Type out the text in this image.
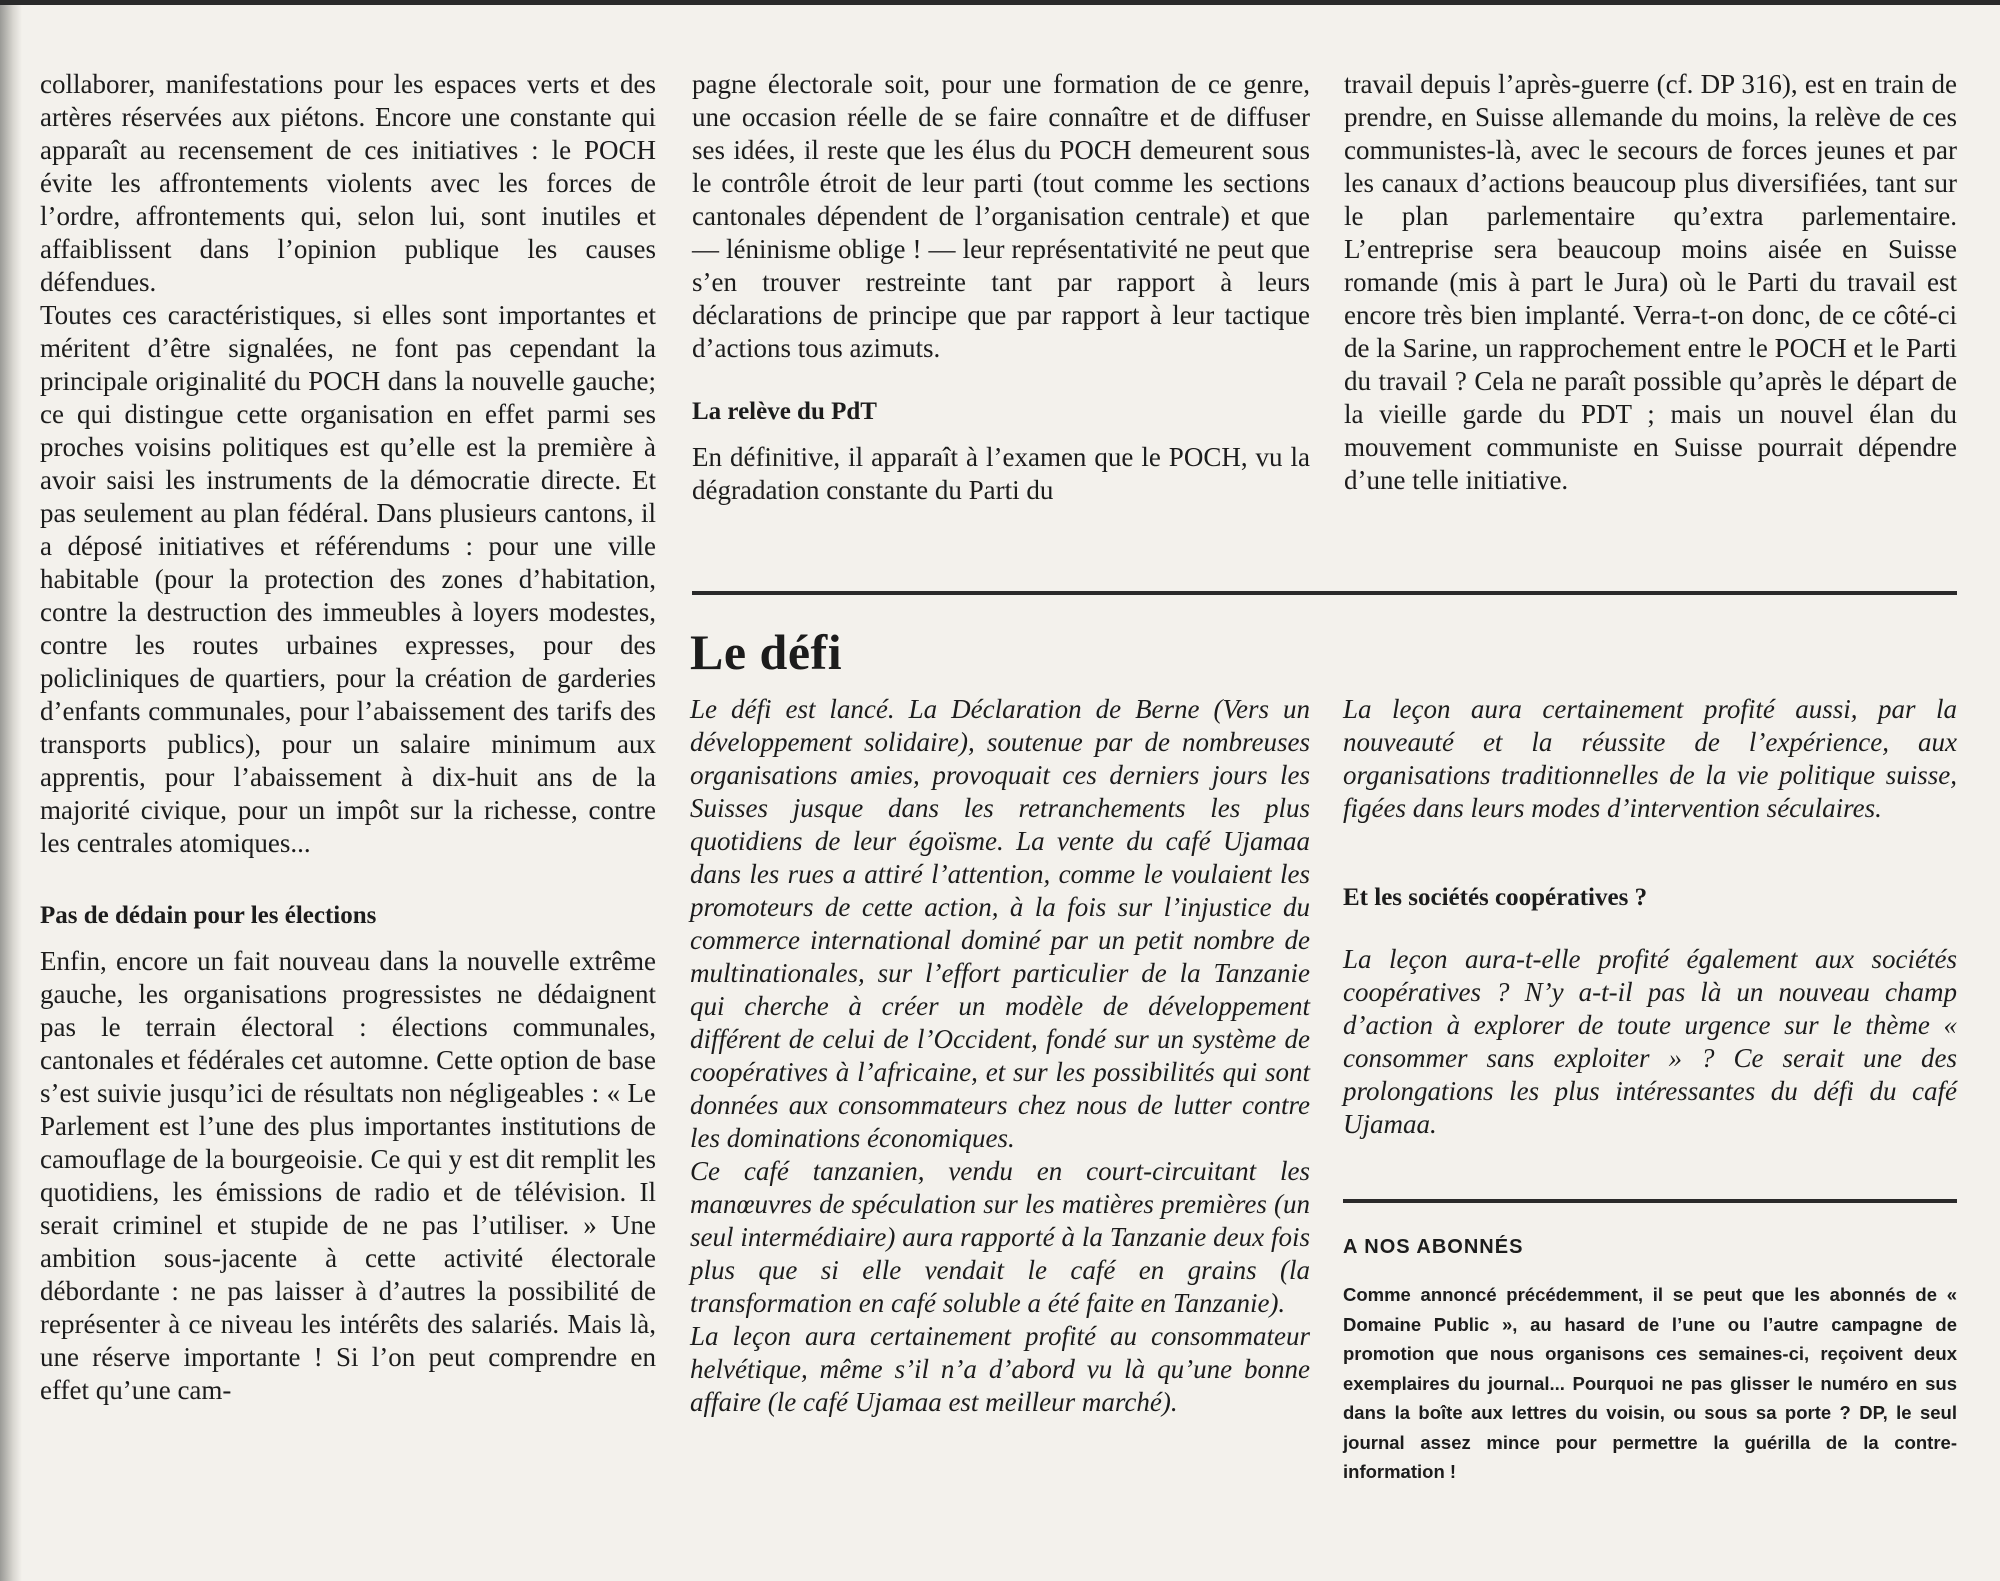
collaborer, manifestations pour les espaces verts et des artères réservées aux piétons. Encore une constante qui apparaît au recensement de ces initiatives : le POCH évite les affrontements violents avec les forces de l’ordre, affrontements qui, selon lui, sont inutiles et affaiblissent dans l’opinion publique les causes défendues.

Toutes ces caractéristiques, si elles sont importantes et méritent d’être signalées, ne font pas cependant la principale originalité du POCH dans la nouvelle gauche; ce qui distingue cette organisation en effet parmi ses proches voisins politiques est qu’elle est la première à avoir saisi les instruments de la démocratie directe. Et pas seulement au plan fédéral. Dans plusieurs cantons, il a déposé initiatives et référendums : pour une ville habitable (pour la protection des zones d’habitation, contre la destruction des immeubles à loyers modestes, contre les routes urbaines expresses, pour des policliniques de quartiers, pour la création de garderies d’enfants communales, pour l’abaissement des tarifs des transports publics), pour un salaire minimum aux apprentis, pour l’abaissement à dix-huit ans de la majorité civique, pour un impôt sur la richesse, contre les centrales atomiques...

Pas de dédain pour les élections

Enfin, encore un fait nouveau dans la nouvelle extrême gauche, les organisations progressistes ne dédaignent pas le terrain électoral : élections communales, cantonales et fédérales cet automne. Cette option de base s’est suivie jusqu’ici de résultats non négligeables : « Le Parlement est l’une des plus importantes institutions de camouflage de la bourgeoisie. Ce qui y est dit remplit les quotidiens, les émissions de radio et de télévision. Il serait criminel et stupide de ne pas l’utiliser. » Une ambition sous-jacente à cette activité électorale débordante : ne pas laisser à d’autres la possibilité de représenter à ce niveau les intérêts des salariés. Mais là, une réserve importante ! Si l’on peut comprendre en effet qu’une cam-

pagne électorale soit, pour une formation de ce genre, une occasion réelle de se faire connaître et de diffuser ses idées, il reste que les élus du POCH demeurent sous le contrôle étroit de leur parti (tout comme les sections cantonales dépendent de l’organisation centrale) et que — léninisme oblige ! — leur représentativité ne peut que s’en trouver restreinte tant par rapport à leurs déclarations de principe que par rapport à leur tactique d’actions tous azimuts.

La relève du PdT

En définitive, il apparaît à l’examen que le POCH, vu la dégradation constante du Parti du

travail depuis l’après-guerre (cf. DP 316), est en train de prendre, en Suisse allemande du moins, la relève de ces communistes-là, avec le secours de forces jeunes et par les canaux d’actions beaucoup plus diversifiées, tant sur le plan parlementaire qu’extra parlementaire. L’entreprise sera beaucoup moins aisée en Suisse romande (mis à part le Jura) où le Parti du travail est encore très bien implanté. Verra-t-on donc, de ce côté-ci de la Sarine, un rapprochement entre le POCH et le Parti du travail ? Cela ne paraît possible qu’après le départ de la vieille garde du PDT ; mais un nouvel élan du mouvement communiste en Suisse pourrait dépendre d’une telle initiative.

Le défi

Le défi est lancé. La Déclaration de Berne (Vers un développement solidaire), soutenue par de nombreuses organisations amies, provoquait ces derniers jours les Suisses jusque dans les retranchements les plus quotidiens de leur égoïsme. La vente du café Ujamaa dans les rues a attiré l’attention, comme le voulaient les promoteurs de cette action, à la fois sur l’injustice du commerce international dominé par un petit nombre de multinationales, sur l’effort particulier de la Tanzanie qui cherche à créer un modèle de développement différent de celui de l’Occident, fondé sur un système de coopératives à l’africaine, et sur les possibilités qui sont données aux consommateurs chez nous de lutter contre les dominations économiques.

Ce café tanzanien, vendu en court-circuitant les manœuvres de spéculation sur les matières premières (un seul intermédiaire) aura rapporté à la Tanzanie deux fois plus que si elle vendait le café en grains (la transformation en café soluble a été faite en Tanzanie).

La leçon aura certainement profité au consommateur helvétique, même s’il n’a d’abord vu là qu’une bonne affaire (le café Ujamaa est meilleur marché).

La leçon aura certainement profité aussi, par la nouveauté et la réussite de l’expérience, aux organisations traditionnelles de la vie politique suisse, figées dans leurs modes d’intervention séculaires.

Et les sociétés coopératives ?

La leçon aura-t-elle profité également aux sociétés coopératives ? N’y a-t-il pas là un nouveau champ d’action à explorer de toute urgence sur le thème « consommer sans exploiter » ? Ce serait une des prolongations les plus intéressantes du défi du café Ujamaa.

A NOS ABONNÉS
Comme annoncé précédemment, il se peut que les abonnés de « Domaine Public », au hasard de l’une ou l’autre campagne de promotion que nous organisons ces semaines-ci, reçoivent deux exemplaires du journal... Pourquoi ne pas glisser le numéro en sus dans la boîte aux lettres du voisin, ou sous sa porte ? DP, le seul journal assez mince pour permettre la guérilla de la contre-information !
